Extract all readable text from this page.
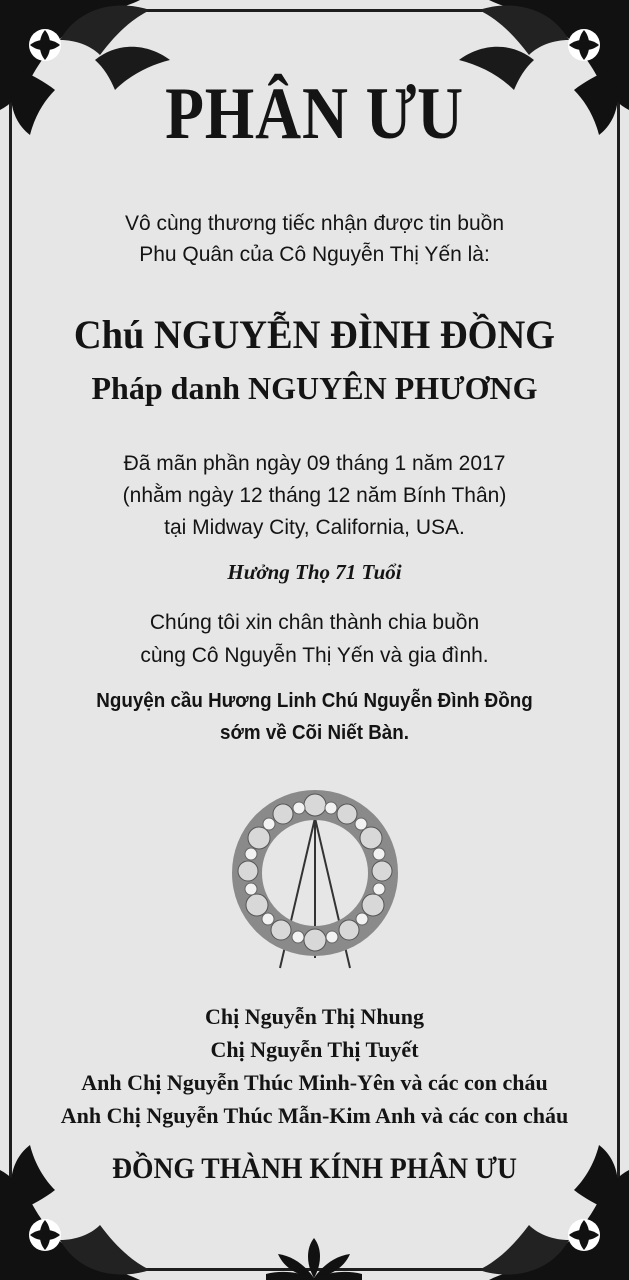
PHÂN ƯU
Vô cùng thương tiếc nhận được tin buồn
Phu Quân của Cô Nguyễn Thị Yến là:
Chú NGUYỄN ĐÌNH ĐỒNG
Pháp danh NGUYÊN PHƯƠNG
Đã mãn phần ngày 09 tháng 1 năm 2017
(nhằm ngày 12 tháng 12 năm Bính Thân)
tại Midway City, California, USA.
Hưởng Thọ 71 Tuổi
Chúng tôi xin chân thành chia buồn
cùng Cô Nguyễn Thị Yến và gia đình.
Nguyện cầu Hương Linh Chú Nguyễn Đình Đồng
sớm về Cõi Niết Bàn.
Chị Nguyễn Thị Nhung
Chị Nguyễn Thị Tuyết
Anh Chị Nguyễn Thúc Minh-Yên và các con cháu
Anh Chị Nguyễn Thúc Mẫn-Kim Anh và các con cháu
ĐỒNG THÀNH KÍNH PHÂN ƯU
